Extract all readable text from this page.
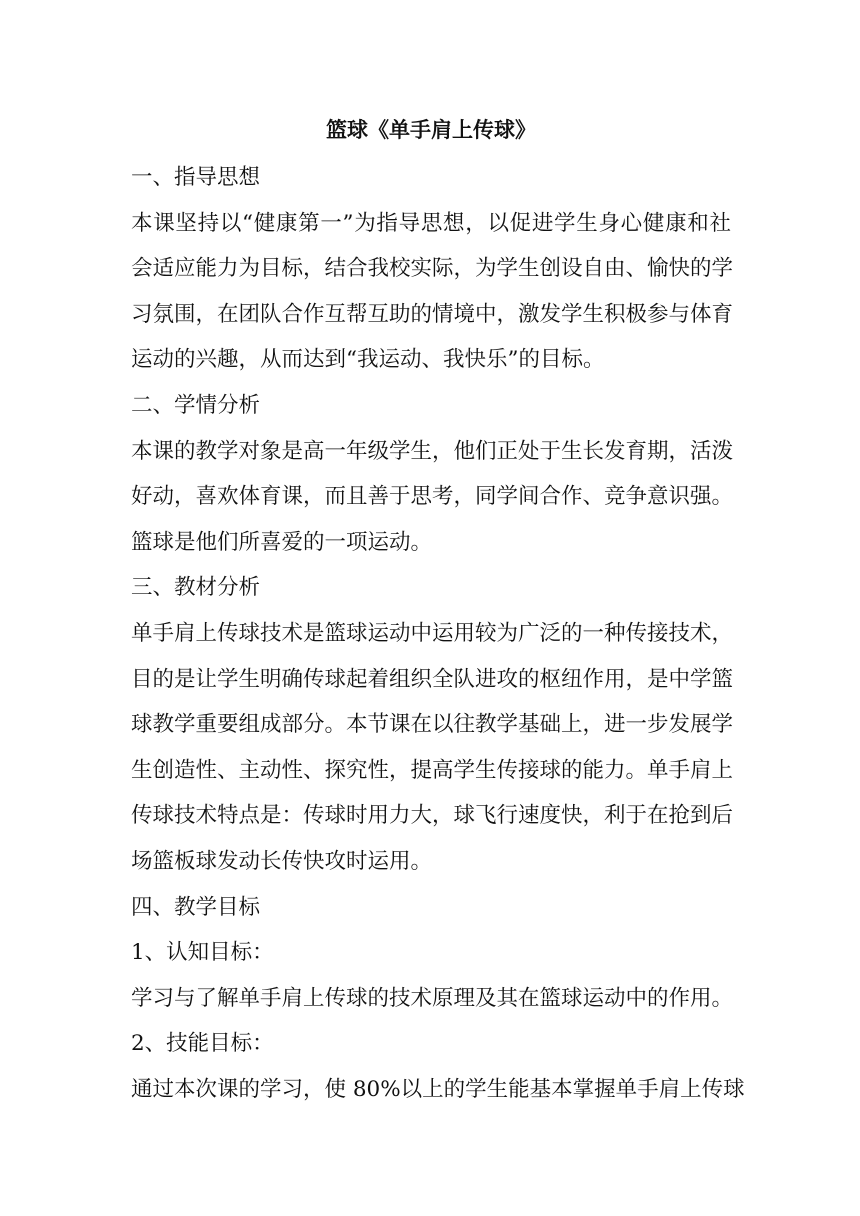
篮球《单手肩上传球》
一、指导思想
本课坚持以“健康第一”为指导思想，以促进学生身心健康和社
会适应能力为目标，结合我校实际，为学生创设自由、愉快的学
习氛围，在团队合作互帮互助的情境中，激发学生积极参与体育
运动的兴趣，从而达到“我运动、我快乐”的目标。
二、学情分析
本课的教学对象是高一年级学生，他们正处于生长发育期，活泼
好动，喜欢体育课，而且善于思考，同学间合作、竞争意识强。
篮球是他们所喜爱的一项运动。
三、教材分析
单手肩上传球技术是篮球运动中运用较为广泛的一种传接技术，
目的是让学生明确传球起着组织全队进攻的枢纽作用，是中学篮
球教学重要组成部分。本节课在以往教学基础上，进一步发展学
生创造性、主动性、探究性，提高学生传接球的能力。单手肩上
传球技术特点是：传球时用力大，球飞行速度快，利于在抢到后
场篮板球发动长传快攻时运用。
四、教学目标
1、认知目标：
学习与了解单手肩上传球的技术原理及其在篮球运动中的作用。
2、技能目标：
通过本次课的学习，使 80%以上的学生能基本掌握单手肩上传球
